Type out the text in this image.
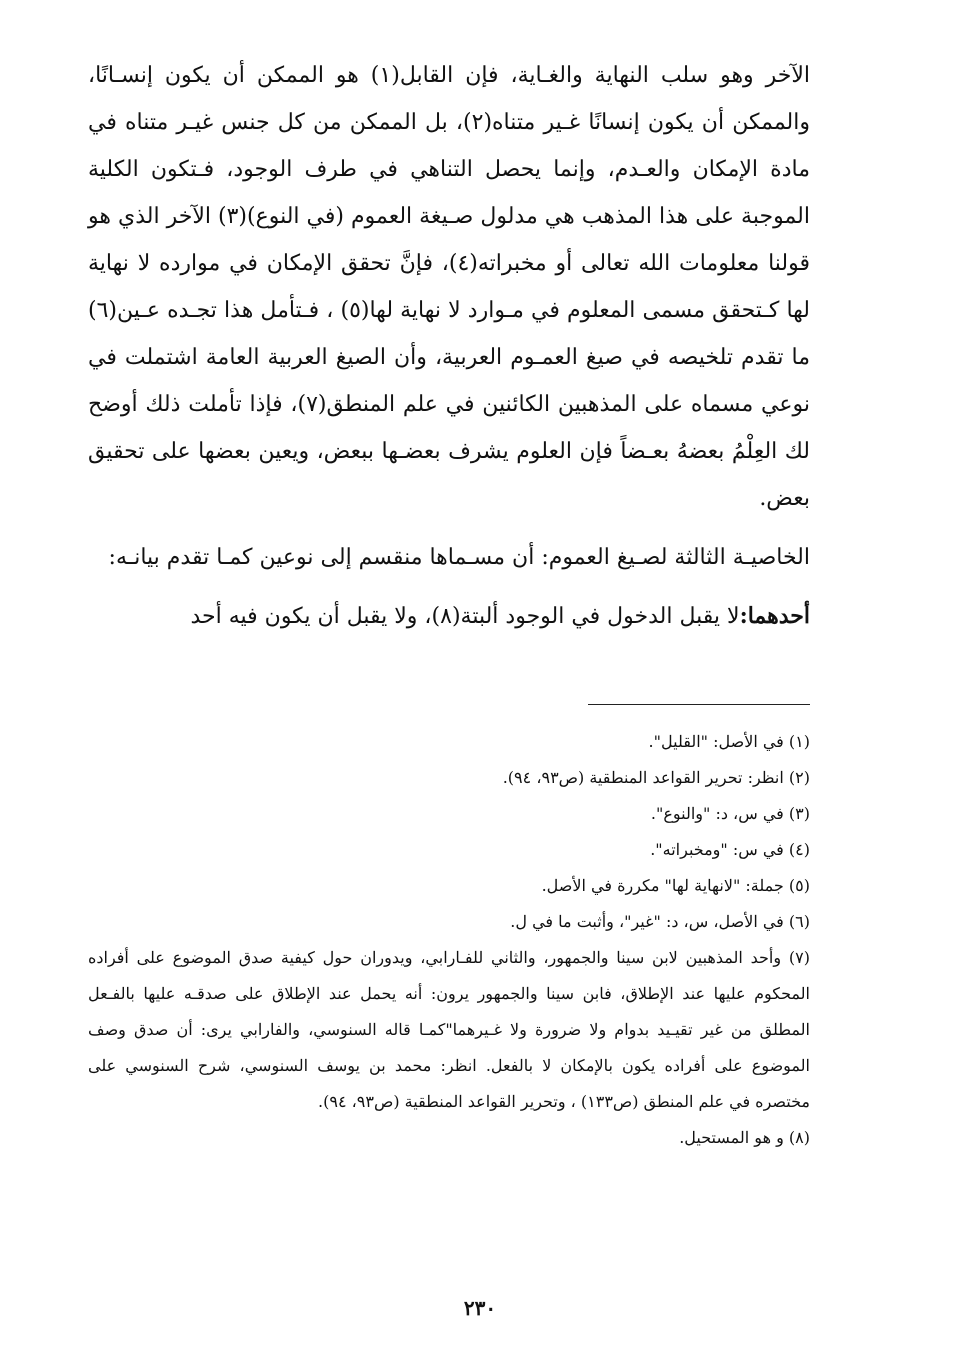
الآخر وهو سلب النهاية والغـاية، فإن القابل(١) هو الممكن أن يكون إنسـانًا، والممكن أن يكون إنسانًا غـير متناه(٢)، بل الممكن من كل جنس غيـر متناه في مادة الإمكان والعـدم، وإنما يحصل التناهي في طرف الوجود، فـتكون الكلية الموجبة على هذا المذهب هي مدلول صـيغة العموم (في النوع)(٣) الآخر الذي هو قولنا معلومات الله تعالى أو مخبراته(٤)، فإنَّ تحقق الإمكان في موارده لا نهاية لها كـتحقق مسمى المعلوم في مـوارد لا نهاية لها(٥) ، فـتأمل هذا تجـده عـين(٦) ما تقدم تلخيصه في صيغ العمـوم العربية، وأن الصيغ العربية العامة اشتملت في نوعي مسماه على المذهبين الكائنين في علم المنطق(٧)، فإذا تأملت ذلك أوضح لك العِلْمُ بعضهُ بعـضاً فإن العلوم يشرف بعضـها ببعض، ويعين بعضها على تحقيق بعض.

الخاصيـة الثالثة لصـيغ العموم: أن مسـماها منقسم إلى نوعين كمـا تقدم بيانـه:

أحدهما:لا يقبل الدخول في الوجود ألبتة(٨)، ولا يقبل أن يكون فيه أحد

(١) في الأصل: "القليل".

(٢) انظر: تحرير القواعد المنطقية (ص٩٣، ٩٤).

(٣) في س، د: "والنوع".

(٤) في س: "ومخبراته".

(٥) جملة: "لانهاية لها" مكررة في الأصل.

(٦) في الأصل، س، د: "غير"، وأثبت ما في ل.

(٧) وأحد المذهبين لابن سينا والجمهور، والثاني للفـارابي، ويدوران حول كيفية صدق الموضوع على أفراده المحكوم عليها عند الإطلاق، فابن سينا والجمهور يرون: أنه يحمل عند الإطلاق على صدقـه عليها بالفـعل المطلق من غير تقيـيد بدوام ولا ضرورة ولا غـيرهما"كمـا قاله السنوسي، والفارابي يرى: أن صدق وصف الموضوع على أفراده يكون بالإمكان لا بالفعل. انظر: محمد بن يوسف السنوسي، شرح السنوسي على مختصره في علم المنطق (ص١٣٣) ، وتحرير القواعد المنطقية (ص٩٣، ٩٤).

(٨) و هو المستحيل.

٢٣٠
